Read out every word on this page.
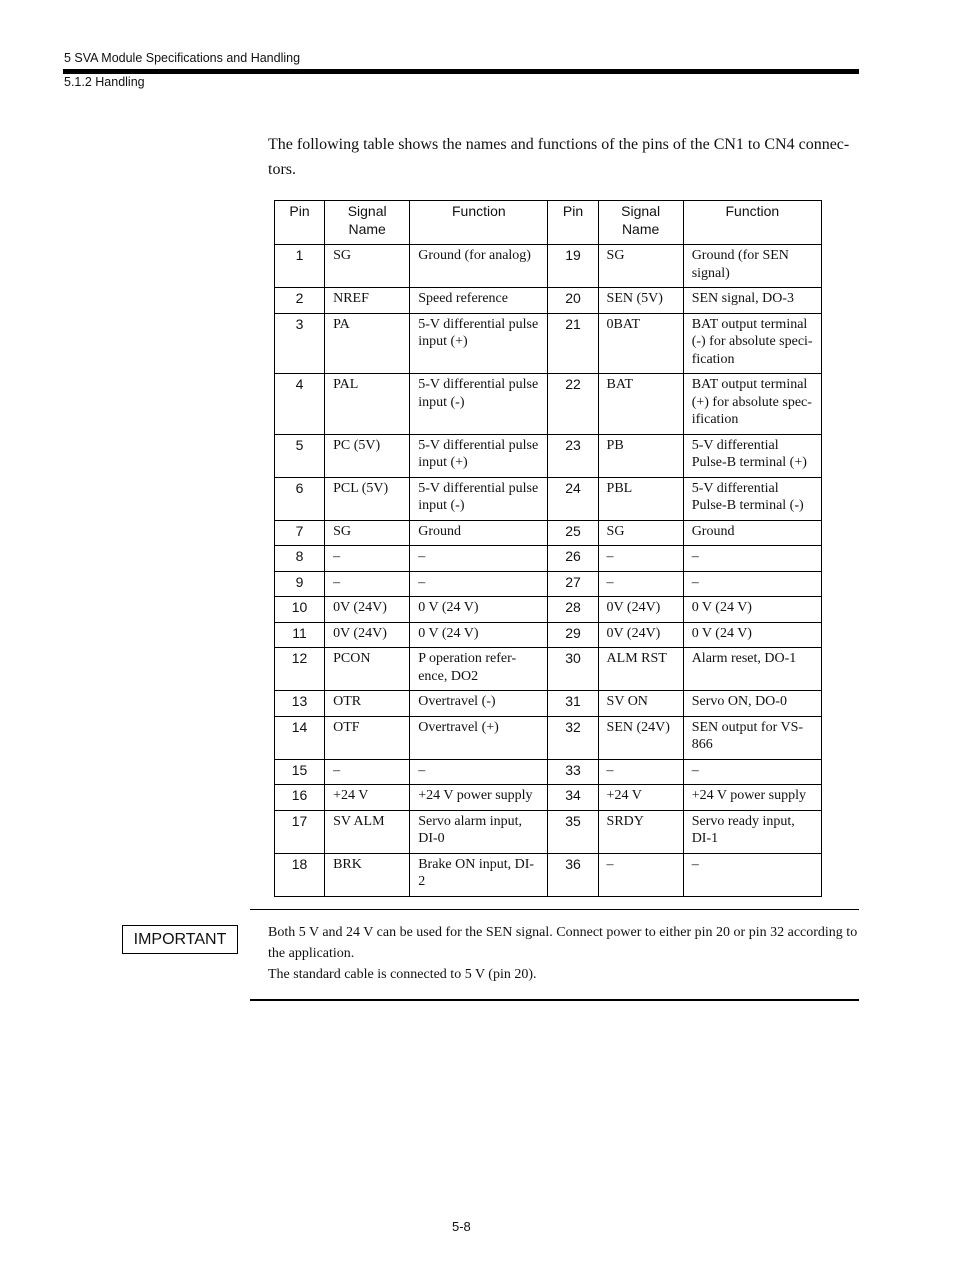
5 SVA Module Specifications and Handling
5.1.2 Handling

The following table shows the names and functions of the pins of the CN1 to CN4 connec-tors.

Pin	Signal Name	Function	Pin	Signal Name	Function
1	SG	Ground (for analog)	19	SG	Ground (for SEN signal)
2	NREF	Speed reference	20	SEN (5V)	SEN signal, DO-3
3	PA	5-V differential pulse input (+)	21	0BAT	BAT output terminal (-) for absolute speci-fication
4	PAL	5-V differential pulse input (-)	22	BAT	BAT output terminal (+) for absolute spec-ification
5	PC (5V)	5-V differential pulse input (+)	23	PB	5-V differential Pulse-B terminal (+)
6	PCL (5V)	5-V differential pulse input (-)	24	PBL	5-V differential Pulse-B terminal (-)
7	SG	Ground	25	SG	Ground
8	–	–	26	–	–
9	–	–	27	–	–
10	0V (24V)	0 V (24 V)	28	0V (24V)	0 V (24 V)
11	0V (24V)	0 V (24 V)	29	0V (24V)	0 V (24 V)
12	PCON	P operation refer-ence, DO2	30	ALM RST	Alarm reset, DO-1
13	OTR	Overtravel (-)	31	SV ON	Servo ON, DO-0
14	OTF	Overtravel (+)	32	SEN (24V)	SEN output for VS-866
15	–	–	33	–	–
16	+24 V	+24 V power supply	34	+24 V	+24 V power supply
17	SV ALM	Servo alarm input, DI-0	35	SRDY	Servo ready input, DI-1
18	BRK	Brake ON input, DI-2	36	–	–
IMPORTANT	Both 5 V and 24 V can be used for the SEN signal. Connect power to either pin 20 or pin 32 according to the application.

The standard cable is connected to 5 V (pin 20).

5-8
